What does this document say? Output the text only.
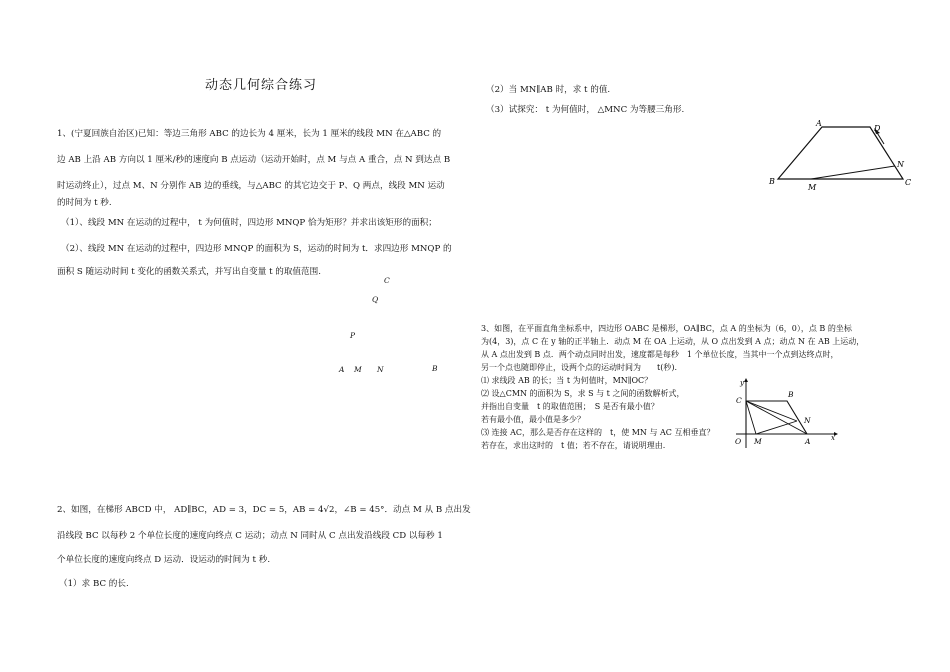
动态几何综合练习
1、(宁夏回族自治区)已知：等边三角形 ABC 的边长为 4 厘米，长为 1 厘米的线段 MN 在△ABC 的
边 AB 上沿 AB 方向以 1 厘米/秒的速度向 B 点运动（运动开始时，点 M 与点 A 重合，点 N 到达点 B
时运动终止），过点 M、N 分别作 AB 边的垂线，与△ABC 的其它边交于 P、Q 两点，线段 MN 运动
的时间为 t 秒.
（1）、线段 MN 在运动的过程中， t 为何值时，四边形 MNQP 恰为矩形？并求出该矩形的面积；
（2）、线段 MN 在运动的过程中，四边形 MNQP 的面积为 S，运动的时间为 t．求四边形 MNQP 的
面积 S 随运动时间 t 变化的函数关系式，并写出自变量 t 的取值范围.
C
Q
P
A M N	B
2、如图，在梯形 ABCD 中， AD∥BC，AD = 3，DC = 5，AB = 4√2，∠B = 45°．动点 M 从 B 点出发
沿线段 BC 以每秒 2 个单位长度的速度向终点 C 运动；动点 N 同时从 C 点出发沿线段 CD 以每秒 1
个单位长度的速度向终点 D 运动．设运动的时间为 t 秒.
（1）求 BC 的长.
（2）当 MN∥AB 时，求 t 的值.
（3）试探究： t 为何值时， △MNC 为等腰三角形.
A
D
N
B
M
C
3、如图，在平面直角坐标系中，四边形 OABC 是梯形，OA∥BC，点 A 的坐标为（6，0），点 B 的坐标
为(4，3)，点 C 在 y 轴的正半轴上．动点 M 在 OA 上运动，从 O 点出发到 A 点；动点 N 在 AB 上运动，
从 A 点出发到 B 点．两个动点同时出发，速度都是每秒　1 个单位长度，当其中一个点到达终点时，
另一个点也随即停止，设两个点的运动时间为　　t(秒).
⑴ 求线段 AB 的长；当 t 为何值时，MN∥OC？
⑵ 设△CMN 的面积为 S，求 S 与 t 之间的函数解析式，
并指出自变量　t 的取值范围；　S 是否有最小值？
若有最小值，最小值是多少？
⑶ 连接 AC，那么是否存在这样的　t，使 MN 与 AC 互相垂直？
若存在，求出这时的　t 值；若不存在，请说明理由.
y
x
C
B
N
O M	A
